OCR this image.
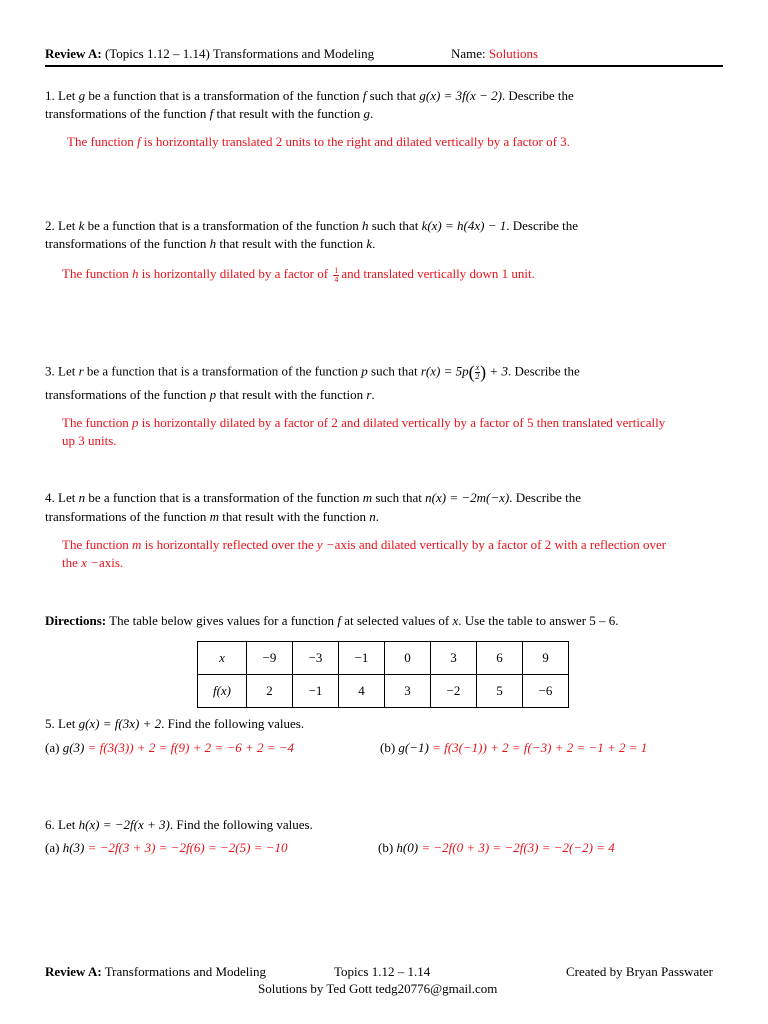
Review A: (Topics 1.12 – 1.14) Transformations and Modeling	Name: Solutions
1. Let g be a function that is a transformation of the function f such that g(x) = 3f(x − 2). Describe the
transformations of the function f that result with the function g.
The function f is horizontally translated 2 units to the right and dilated vertically by a factor of 3.
2. Let k be a function that is a transformation of the function h such that k(x) = h(4x) − 1. Describe the
transformations of the function h that result with the function k.
The function h is horizontally dilated by a factor of $\frac{1}{4}$ and translated vertically down 1 unit.
3. Let r be a function that is a transformation of the function p such that $r(x) = 5p( \frac{x}{2}$ ) + 3. Describe the
transformations of the function p that result with the function r.
The function p is horizontally dilated by a factor of 2 and dilated vertically by a factor of 5 then translated vertically
up 3 units.
4. Let n be a function that is a transformation of the function m such that n(x) = −2m(−x). Describe the
transformations of the function m that result with the function n.
The function m is horizontally reflected over the y −axis and dilated vertically by a factor of 2 with a reflection over
the x −axis.
Directions: The table below gives values for a function f at selected values of x. Use the table to answer 5 – 6.
x	−9	−3	−1	0	3	6	9
f(x)	2	−1	4	3	−2	5	−6
5. Let g(x) = f(3x) + 2. Find the following values.
(a) g(3) = f(3(3)) + 2 = f(9) + 2 = −6 + 2 = −4	(b) g(−1) = f(3(−1)) + 2 = f(−3) + 2 = −1 + 2 = 1
6. Let h(x) = −2f(x + 3). Find the following values.
(a) h(3) = −2f(3 + 3) = −2f(6) = −2(5) = −10	(b) h(0) = −2f(0 + 3) = −2f(3) = −2(−2) = 4
Review A: Transformations and Modeling	Topics 1.12 – 1.14	Created by Bryan Passwater
Solutions by Ted Gott tedg20776@gmail.com
